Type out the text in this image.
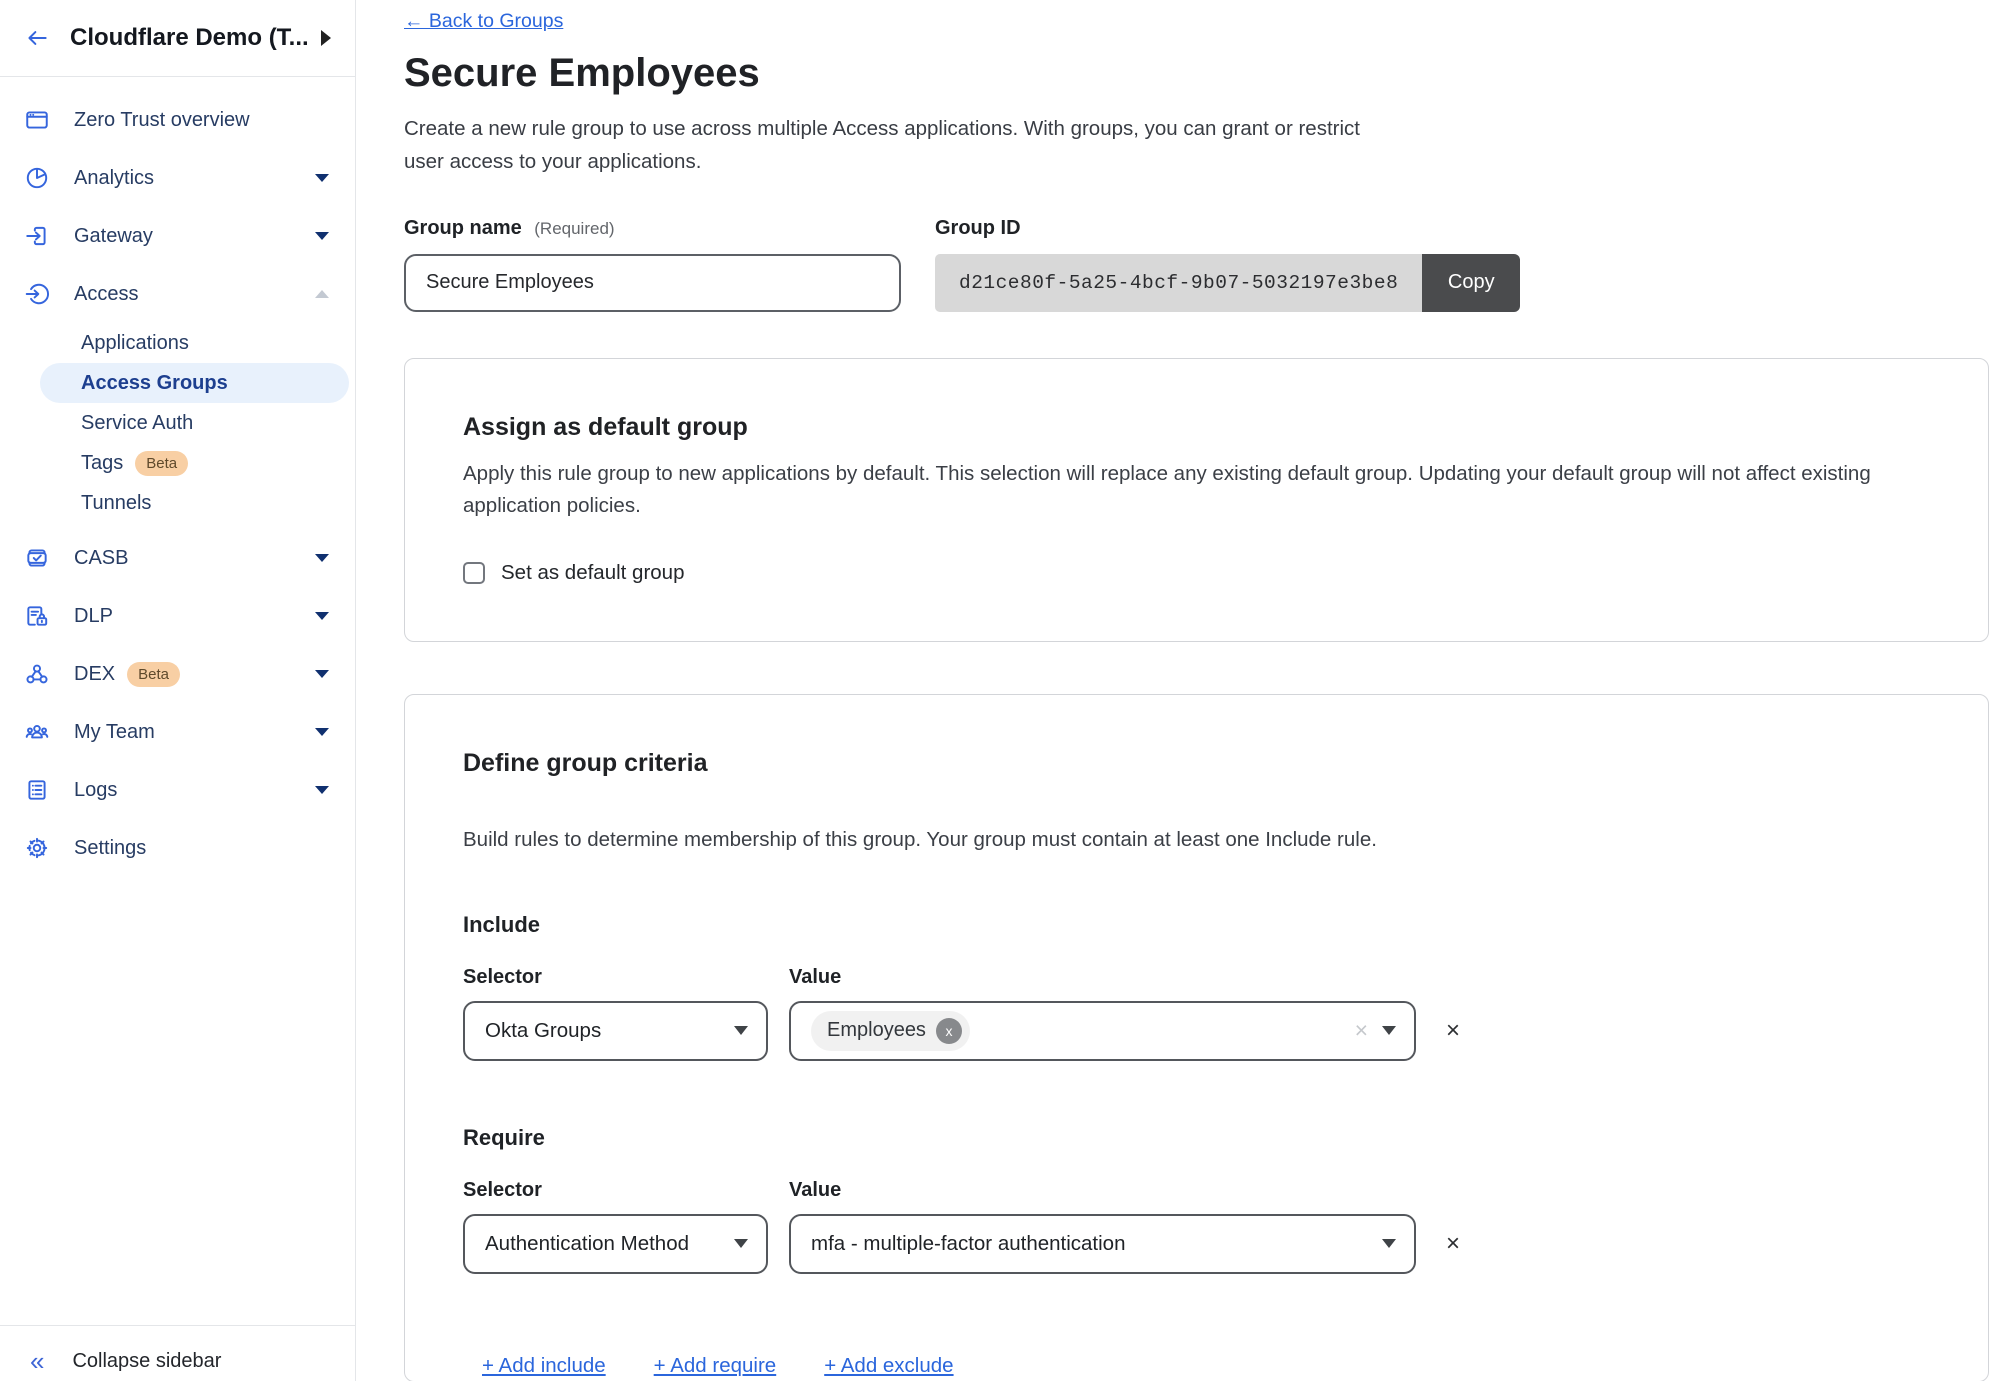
Cloudflare Demo (T...
Zero Trust overview
Analytics
Gateway
Access
Applications
Access Groups
Service Auth
Tags	Beta
Tunnels
CASB
DLP
DEX	Beta
My Team
Logs
Settings
« Collapse sidebar
← Back to Groups
Secure Employees

Create a new rule group to use across multiple Access applications. With groups, you can grant or restrict user access to your applications.

Group name (Required)
Secure Employees	Group ID
d21ce80f-5a25-4bcf-9b07-5032197e3be8	Copy
Assign as default group

Apply this rule group to new applications by default. This selection will replace any existing default group. Updating your default group will not affect existing application policies.

Set as default group
Define group criteria

Build rules to determine membership of this group. Your group must contain at least one Include rule.

Include
Selector	Value
Okta Groups	Employees	x	×	×
Require
Selector	Value
Authentication Method	mfa - multiple-factor authentication	×
+ Add include + Add require + Add exclude
